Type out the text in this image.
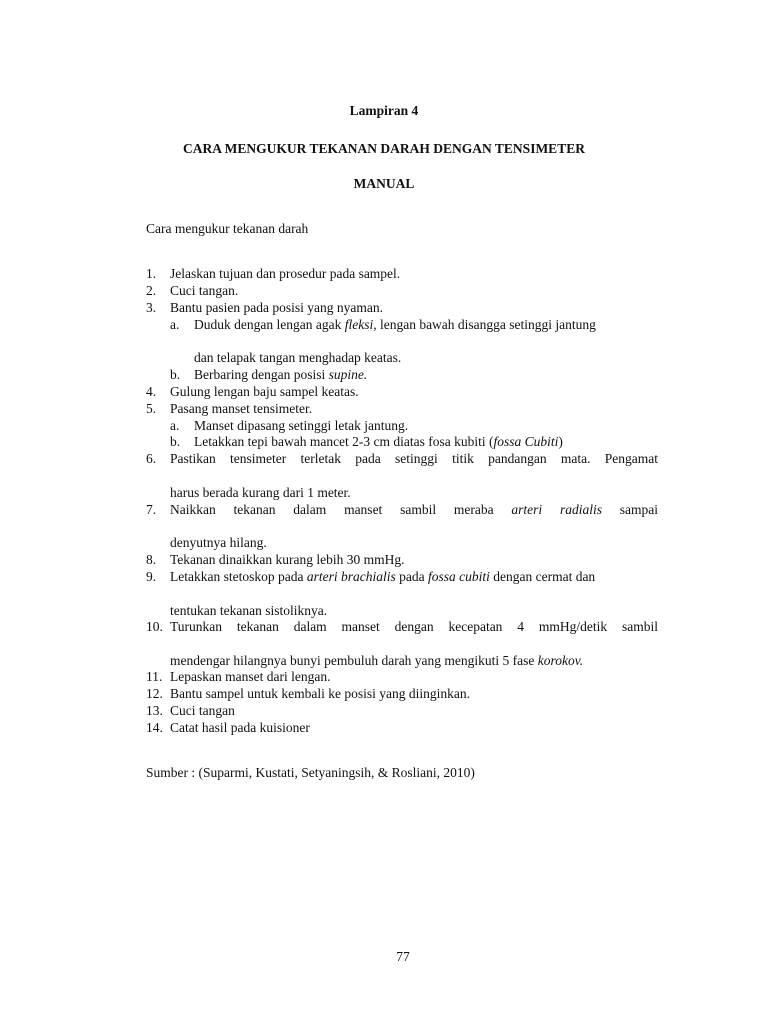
Lampiran 4
CARA MENGUKUR TEKANAN DARAH DENGAN TENSIMETER
MANUAL
Cara mengukur tekanan darah
1. Jelaskan tujuan dan prosedur pada sampel.
2. Cuci tangan.
3. Bantu pasien pada posisi yang nyaman.
a. Duduk dengan lengan agak fleksi, lengan bawah disangga setinggi jantung
dan telapak tangan menghadap keatas.
b. Berbaring dengan posisi supine.
4. Gulung lengan baju sampel keatas.
5. Pasang manset tensimeter.
a. Manset dipasang setinggi letak jantung.
b. Letakkan tepi bawah mancet 2-3 cm diatas fosa kubiti (fossa Cubiti)
6. Pastikan tensimeter terletak pada setinggi titik pandangan mata. Pengamat
harus berada kurang dari 1 meter.
7. Naikkan tekanan dalam manset sambil meraba arteri radialis sampai
denyutnya hilang.
8. Tekanan dinaikkan kurang lebih 30 mmHg.
9. Letakkan stetoskop pada arteri brachialis pada fossa cubiti dengan cermat dan
tentukan tekanan sistoliknya.
10. Turunkan tekanan dalam manset dengan kecepatan 4 mmHg/detik sambil
mendengar hilangnya bunyi pembuluh darah yang mengikuti 5 fase korokov.
11. Lepaskan manset dari lengan.
12. Bantu sampel untuk kembali ke posisi yang diinginkan.
13. Cuci tangan
14. Catat hasil pada kuisioner
Sumber : (Suparmi, Kustati, Setyaningsih, & Rosliani, 2010)
77
